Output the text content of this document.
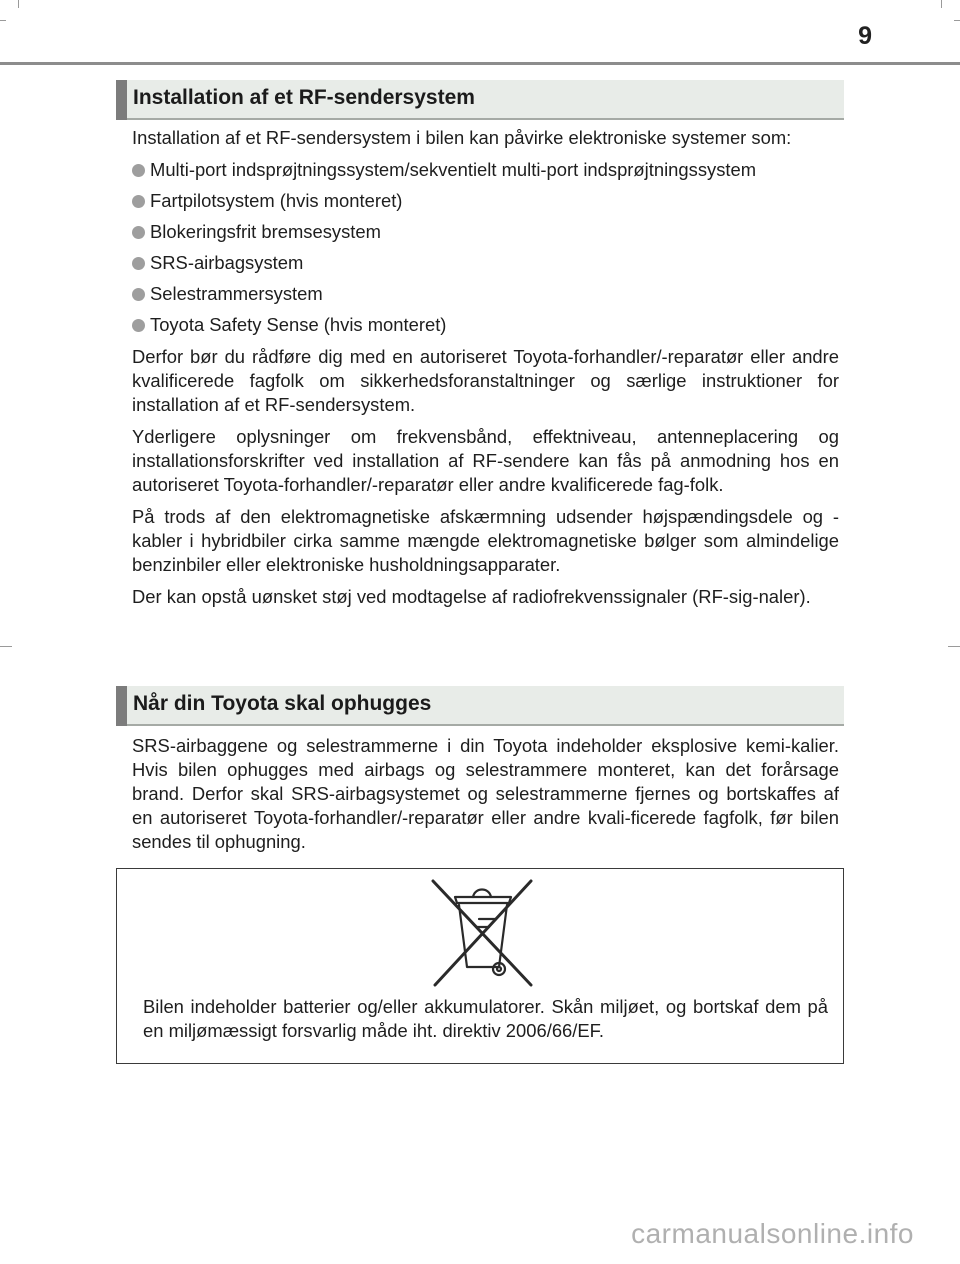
9
Installation af et RF-sendersystem

Installation af et RF-sendersystem i bilen kan påvirke elektroniske systemer som:

Multi-port indsprøjtningssystem/sekventielt multi-port indsprøjtningssystem
Fartpilotsystem (hvis monteret)
Blokeringsfrit bremsesystem
SRS-airbagsystem
Selestrammersystem
Toyota Safety Sense (hvis monteret)

Derfor bør du rådføre dig med en autoriseret Toyota-forhandler/-reparatør eller andre kvalificerede fagfolk om sikkerhedsforanstaltninger og særlige instruktioner for installation af et RF-sendersystem.

Yderligere oplysninger om frekvensbånd, effektniveau, antenneplacering og installationsforskrifter ved installation af RF-sendere kan fås på anmodning hos en autoriseret Toyota-forhandler/-reparatør eller andre kvalificerede fag-folk.

På trods af den elektromagnetiske afskærmning udsender højspændingsdele og -kabler i hybridbiler cirka samme mængde elektromagnetiske bølger som almindelige benzinbiler eller elektroniske husholdningsapparater.

Der kan opstå uønsket støj ved modtagelse af radiofrekvenssignaler (RF-sig-naler).

Når din Toyota skal ophugges

SRS-airbaggene og selestrammerne i din Toyota indeholder eksplosive kemi-kalier. Hvis bilen ophugges med airbags og selestrammere monteret, kan det forårsage brand. Derfor skal SRS-airbagsystemet og selestrammerne fjernes og bortskaffes af en autoriseret Toyota-forhandler/-reparatør eller andre kvali-ficerede fagfolk, før bilen sendes til ophugning.

Bilen indeholder batterier og/eller akkumulatorer. Skån miljøet, og bortskaf dem på en miljømæssigt forsvarlig måde iht. direktiv 2006/66/EF.
carmanualsonline.info
